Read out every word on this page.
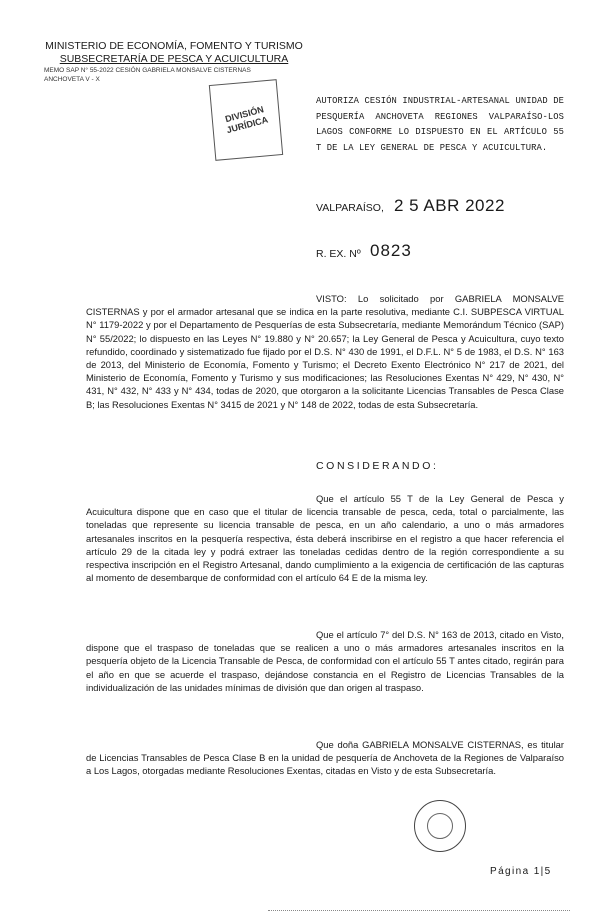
MINISTERIO DE ECONOMÍA, FOMENTO Y TURISMO
SUBSECRETARÍA DE PESCA Y ACUICULTURA
MEMO SAP N° 55-2022 CESIÓN GABRIELA MONSALVE CISTERNAS
ANCHOVETA V - X
DIVISIÓN JURÍDICA
AUTORIZA CESIÓN INDUSTRIAL-ARTESANAL UNIDAD DE PESQUERÍA ANCHOVETA REGIONES VALPARAÍSO-LOS LAGOS CONFORME LO DISPUESTO EN EL ARTÍCULO 55 T DE LA LEY GENERAL DE PESCA Y ACUICULTURA.
VALPARAÍSO, 2 5 ABR 2022
R. EX. Nº 0823

VISTO: Lo solicitado por GABRIELA MONSALVE CISTERNAS y por el armador artesanal que se indica en la parte resolutiva, mediante C.I. SUBPESCA VIRTUAL N° 1179-2022 y por el Departamento de Pesquerías de esta Subsecretaría, mediante Memorándum Técnico (SAP) N° 55/2022; lo dispuesto en las Leyes N° 19.880 y N° 20.657; la Ley General de Pesca y Acuicultura, cuyo texto refundido, coordinado y sistematizado fue fijado por el D.S. N° 430 de 1991, el D.F.L. N° 5 de 1983, el D.S. N° 163 de 2013, del Ministerio de Economía, Fomento y Turismo; el Decreto Exento Electrónico N° 217 de 2021, del Ministerio de Economía, Fomento y Turismo y sus modificaciones; las Resoluciones Exentas N° 429, N° 430, N° 431, N° 432, N° 433 y N° 434, todas de 2020, que otorgaron a la solicitante Licencias Transables de Pesca Clase B; las Resoluciones Exentas N° 3415 de 2021 y N° 148 de 2022, todas de esta Subsecretaría.

CONSIDERANDO:

Que el artículo 55 T de la Ley General de Pesca y Acuicultura dispone que en caso que el titular de licencia transable de pesca, ceda, total o parcialmente, las toneladas que represente su licencia transable de pesca, en un año calendario, a uno o más armadores artesanales inscritos en la pesquería respectiva, ésta deberá inscribirse en el registro a que hacer referencia el artículo 29 de la citada ley y podrá extraer las toneladas cedidas dentro de la región correspondiente a su respectiva inscripción en el Registro Artesanal, dando cumplimiento a la exigencia de certificación de las capturas al momento de desembarque de conformidad con el artículo 64 E de la misma ley.

Que el artículo 7° del D.S. N° 163 de 2013, citado en Visto, dispone que el traspaso de toneladas que se realicen a uno o más armadores artesanales inscritos en la pesquería objeto de la Licencia Transable de Pesca, de conformidad con el artículo 55 T antes citado, regirán para el año en que se acuerde el traspaso, dejándose constancia en el Registro de Licencias Transables de la individualización de las unidades mínimas de división que dan origen al traspaso.

Que doña GABRIELA MONSALVE CISTERNAS, es titular de Licencias Transables de Pesca Clase B en la unidad de pesquería de Anchoveta de la Regiones de Valparaíso a Los Lagos, otorgadas mediante Resoluciones Exentas, citadas en Visto y de esta Subsecretaría.

Página 1|5
